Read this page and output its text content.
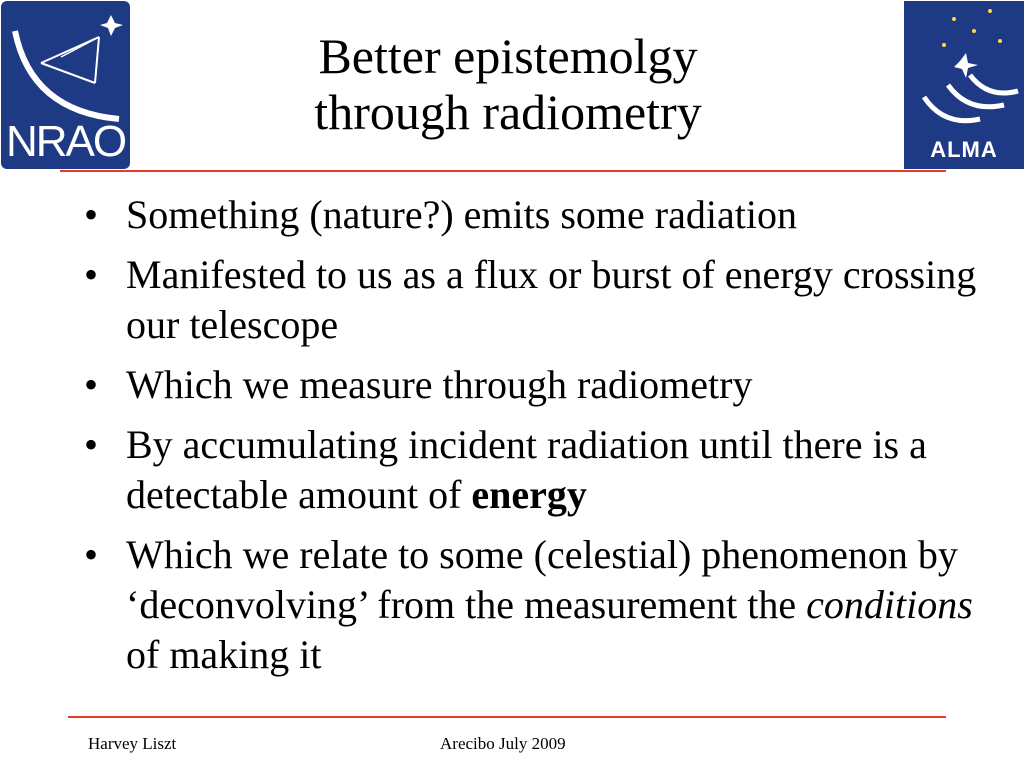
NRAO	ALMA
Better epistemolgy
through radiometry
• Something (nature?) emits some radiation
• Manifested to us as a flux or burst of energy crossing our telescope
• Which we measure through radiometry
• By accumulating incident radiation until there is a detectable amount of energy
• Which we relate to some (celestial) phenomenon by ‘deconvolving’ from the measurement the conditions of making it
Harvey Liszt	Arecibo July 2009
